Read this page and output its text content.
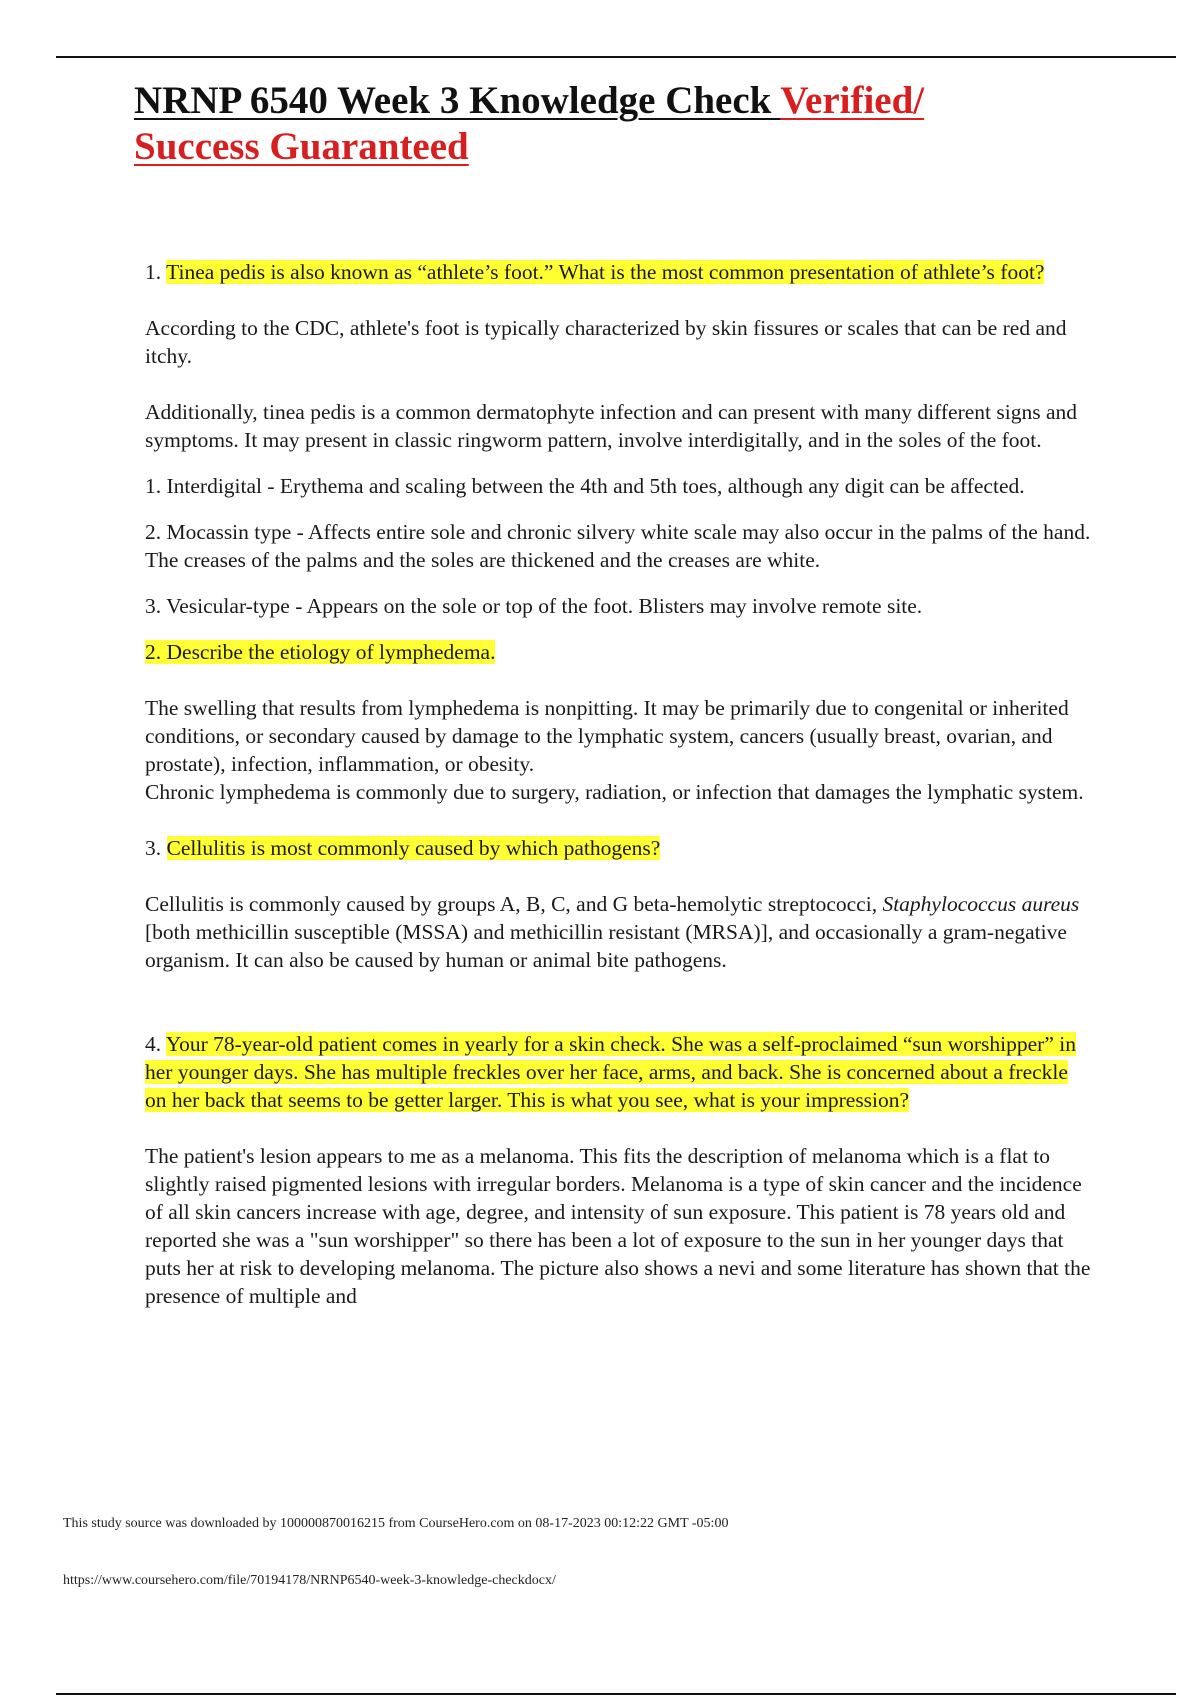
NRNP 6540 Week 3 Knowledge Check Verified/
Success Guaranteed

1. Tinea pedis is also known as “athlete’s foot.” What is the most common presentation of athlete’s foot?

According to the CDC, athlete's foot is typically characterized by skin fissures or scales that can be red and itchy.

Additionally, tinea pedis is a common dermatophyte infection and can present with many different signs and symptoms. It may present in classic ringworm pattern, involve interdigitally, and in the soles of the foot.

1. Interdigital - Erythema and scaling between the 4th and 5th toes, although any digit can be affected.

2. Mocassin type - Affects entire sole and chronic silvery white scale may also occur in the palms of the hand. The creases of the palms and the soles are thickened and the creases are white.

3. Vesicular-type - Appears on the sole or top of the foot. Blisters may involve remote site.

2. Describe the etiology of lymphedema.

The swelling that results from lymphedema is nonpitting. It may be primarily due to congenital or inherited conditions, or secondary caused by damage to the lymphatic system, cancers (usually breast, ovarian, and prostate), infection, inflammation, or obesity.

Chronic lymphedema is commonly due to surgery, radiation, or infection that damages the lymphatic system.

3. Cellulitis is most commonly caused by which pathogens?

Cellulitis is commonly caused by groups A, B, C, and G beta-hemolytic streptococci, Staphylococcus aureus [both methicillin susceptible (MSSA) and methicillin resistant (MRSA)], and occasionally a gram-negative organism. It can also be caused by human or animal bite pathogens.

4. Your 78-year-old patient comes in yearly for a skin check. She was a self-proclaimed “sun worshipper” in her younger days. She has multiple freckles over her face, arms, and back. She is concerned about a freckle on her back that seems to be getter larger. This is what you see, what is your impression?

The patient's lesion appears to me as a melanoma. This fits the description of melanoma which is a flat to slightly raised pigmented lesions with irregular borders. Melanoma is a type of skin cancer and the incidence of all skin cancers increase with age, degree, and intensity of sun exposure. This patient is 78 years old and reported she was a "sun worshipper" so there has been a lot of exposure to the sun in her younger days that puts her at risk to developing melanoma. The picture also shows a nevi and some literature has shown that the presence of multiple and

This study source was downloaded by 100000870016215 from CourseHero.com on 08-17-2023 00:12:22 GMT -05:00
https://www.coursehero.com/file/70194178/NRNP6540-week-3-knowledge-checkdocx/
